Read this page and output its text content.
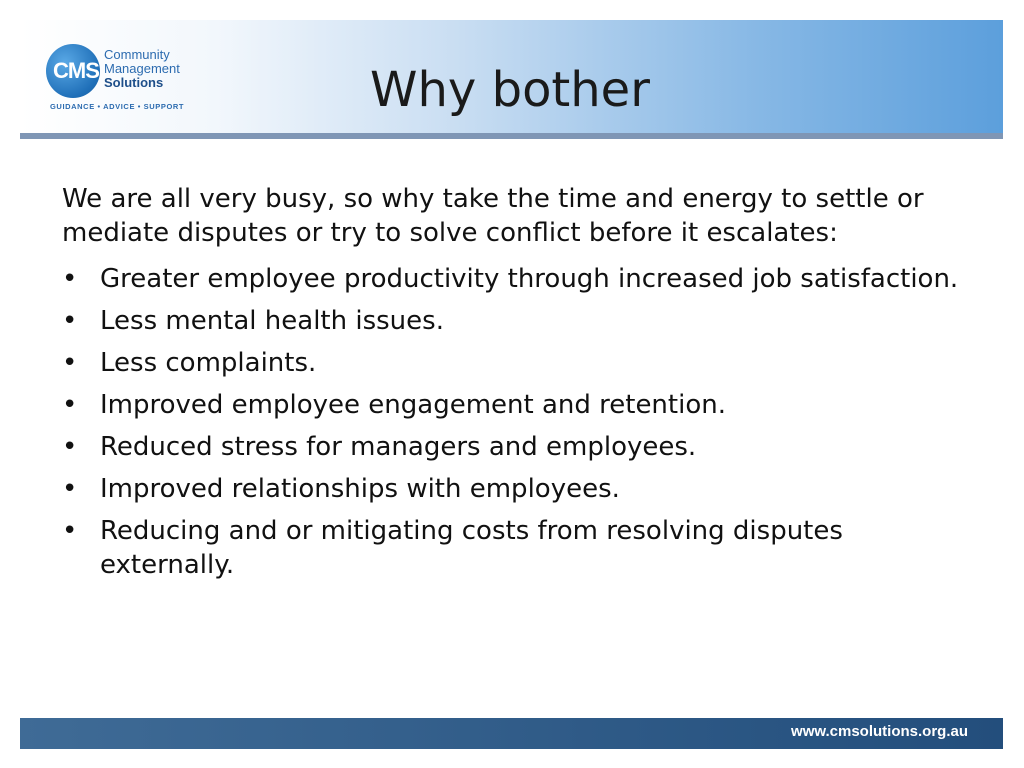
CMS
Community
Management
Solutions
GUIDANCE • ADVICE • SUPPORT	Why bother

We are all very busy, so why take the time and energy to settle or mediate disputes or try to solve conflict before it escalates:

• Greater employee productivity through increased job satisfaction.
• Less mental health issues.
• Less complaints.
• Improved employee engagement and retention.
• Reduced stress for managers and employees.
• Improved relationships with employees.
• Reducing and or mitigating costs from resolving disputes externally.
www.cmsolutions.org.au
